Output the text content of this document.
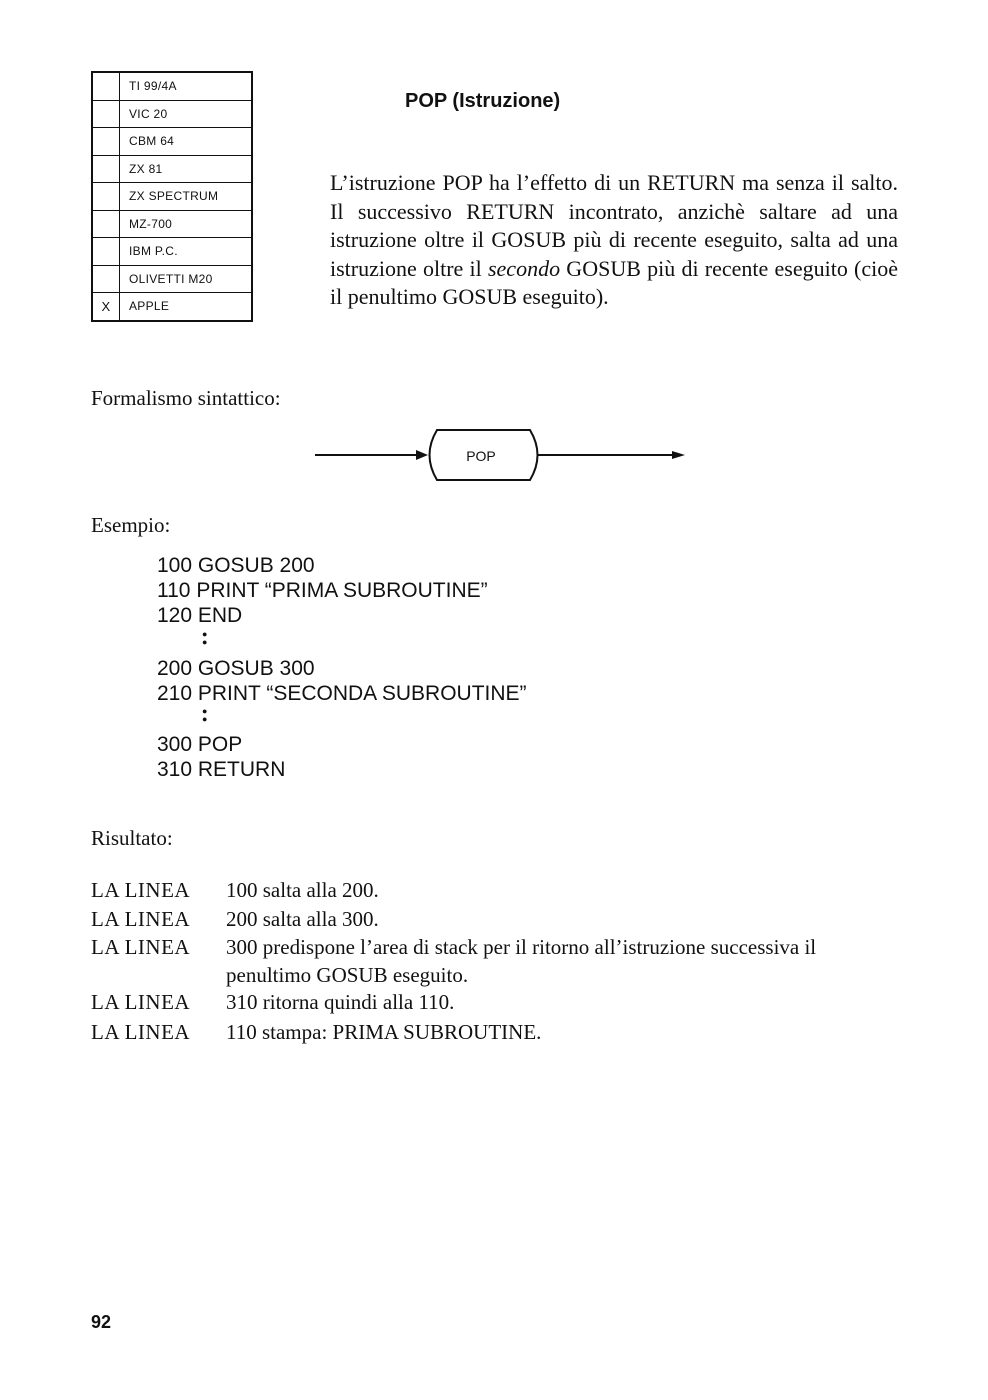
	TI 99/4A
	VIC 20
	CBM 64
	ZX 81
	ZX SPECTRUM
	MZ-700
	IBM P.C.
	OLIVETTI M20
X	APPLE
POP (Istruzione)
L’istruzione POP ha l’effetto di un RETURN ma senza il salto. Il successivo RETURN incontrato, anzichè saltare ad una istruzione oltre il GOSUB più di recente eseguito, salta ad una istruzione oltre il secondo GOSUB più di recente eseguito (cioè il penultimo GOSUB eseguito).
Formalismo sintattico:
POP
Esempio:
100 GOSUB 200
110 PRINT “PRIMA SUBROUTINE”
120 END
●
●
200 GOSUB 300
210 PRINT “SECONDA SUBROUTINE”
●
●
300 POP
310 RETURN
Risultato:
LA LINEA 100 salta alla 200.
LA LINEA 200 salta alla 300.
LA LINEA 300 predispone l’area di stack per il ritorno all’istruzione successiva il penultimo GOSUB eseguito.
LA LINEA 310 ritorna quindi alla 110.
LA LINEA 110 stampa: PRIMA SUBROUTINE.
92
